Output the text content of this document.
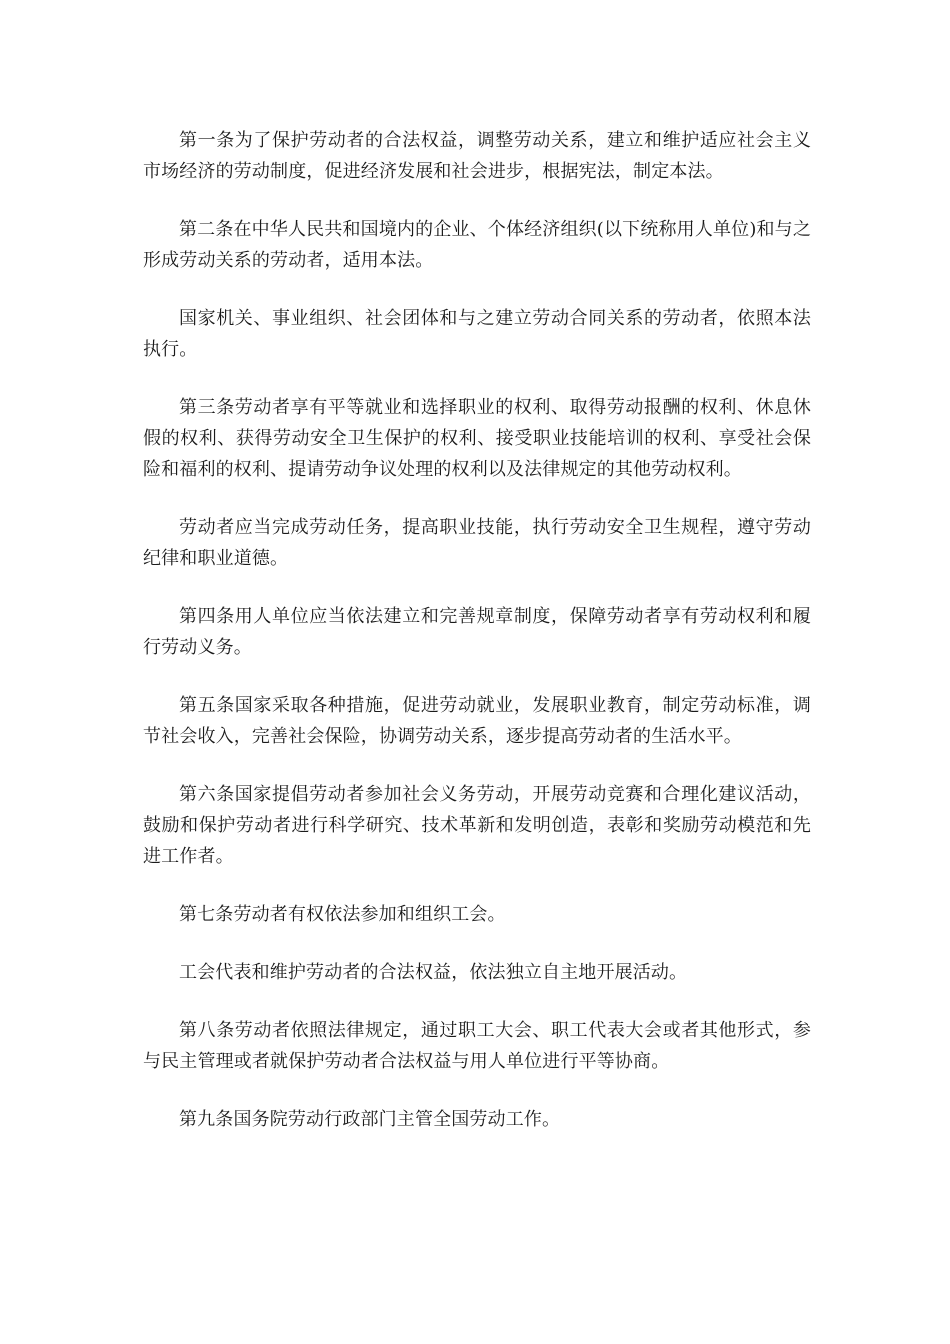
第一条为了保护劳动者的合法权益，调整劳动关系，建立和维护适应社会主义市场经济的劳动制度，促进经济发展和社会进步，根据宪法，制定本法。

第二条在中华人民共和国境内的企业、个体经济组织(以下统称用人单位)和与之形成劳动关系的劳动者，适用本法。

国家机关、事业组织、社会团体和与之建立劳动合同关系的劳动者，依照本法执行。

第三条劳动者享有平等就业和选择职业的权利、取得劳动报酬的权利、休息休假的权利、获得劳动安全卫生保护的权利、接受职业技能培训的权利、享受社会保险和福利的权利、提请劳动争议处理的权利以及法律规定的其他劳动权利。

劳动者应当完成劳动任务，提高职业技能，执行劳动安全卫生规程，遵守劳动纪律和职业道德。

第四条用人单位应当依法建立和完善规章制度，保障劳动者享有劳动权利和履行劳动义务。

第五条国家采取各种措施，促进劳动就业，发展职业教育，制定劳动标准，调节社会收入，完善社会保险，协调劳动关系，逐步提高劳动者的生活水平。

第六条国家提倡劳动者参加社会义务劳动，开展劳动竞赛和合理化建议活动，鼓励和保护劳动者进行科学研究、技术革新和发明创造，表彰和奖励劳动模范和先进工作者。

第七条劳动者有权依法参加和组织工会。

工会代表和维护劳动者的合法权益，依法独立自主地开展活动。

第八条劳动者依照法律规定，通过职工大会、职工代表大会或者其他形式，参与民主管理或者就保护劳动者合法权益与用人单位进行平等协商。

第九条国务院劳动行政部门主管全国劳动工作。
